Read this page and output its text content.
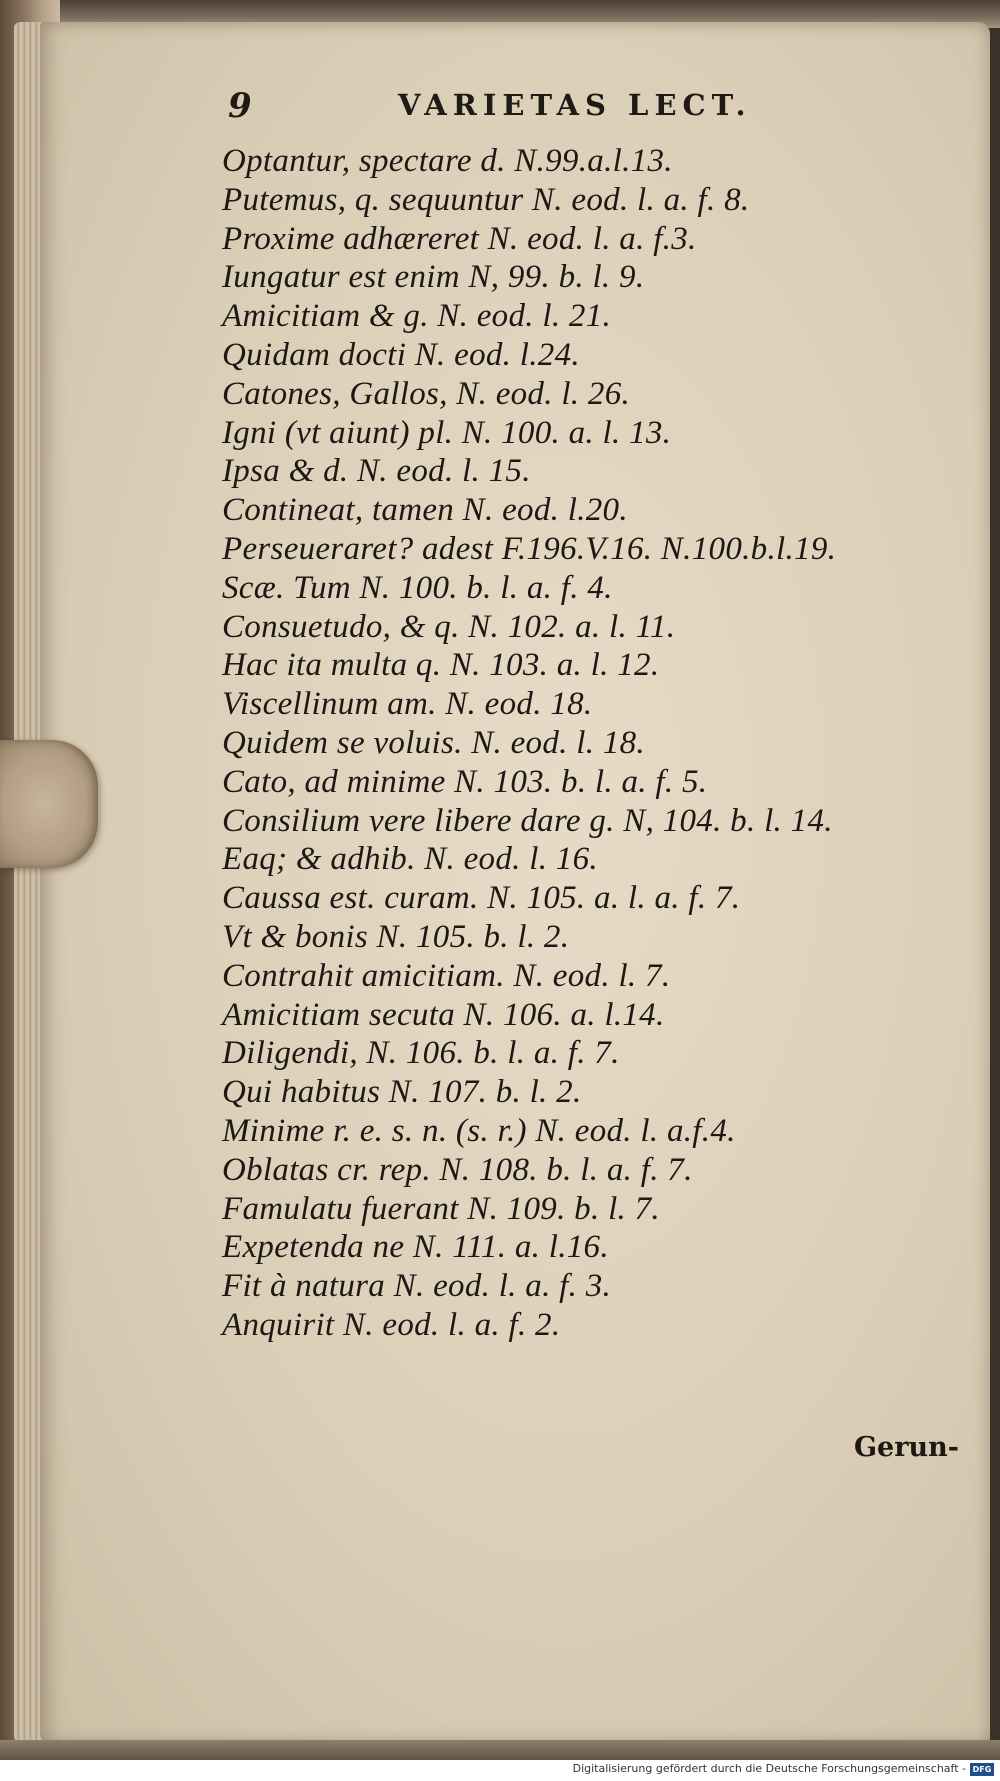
9	VARIETAS LECT.
Optantur, spectare d. N.99.a.l.13.
Putemus, q. sequuntur N. eod. l. a. f. 8.
Proxime adhæreret N. eod. l. a. f.3.
Iungatur est enim N, 99. b. l. 9.
Amicitiam & g. N. eod. l. 21.
Quidam docti N. eod. l.24.
Catones, Gallos, N. eod. l. 26.
Igni (vt aiunt) pl. N. 100. a. l. 13.
Ipsa & d. N. eod. l. 15.
Contineat, tamen N. eod. l.20.
Perseueraret? adest F.196.V.16. N.100.b.l.19.
Scæ. Tum N. 100. b. l. a. f. 4.
Consuetudo, & q. N. 102. a. l. 11.
Hac ita multa q. N. 103. a. l. 12.
Viscellinum am. N. eod. 18.
Quidem se voluis. N. eod. l. 18.
Cato, ad minime N. 103. b. l. a. f. 5.
Consilium vere libere dare g. N, 104. b. l. 14.
Eaq; & adhib. N. eod. l. 16.
Caussa est. curam. N. 105. a. l. a. f. 7.
Vt & bonis N. 105. b. l. 2.
Contrahit amicitiam. N. eod. l. 7.
Amicitiam secuta N. 106. a. l.14.
Diligendi, N. 106. b. l. a. f. 7.
Qui habitus N. 107. b. l. 2.
Minime r. e. s. n. (s. r.) N. eod. l. a.f.4.
Oblatas cr. rep. N. 108. b. l. a. f. 7.
Famulatu fuerant N. 109. b. l. 7.
Expetenda ne N. 111. a. l.16.
Fit à natura N. eod. l. a. f. 3.
Anquirit N. eod. l. a. f. 2.
Gerun-
Digitalisierung gefördert durch die Deutsche Forschungsgemeinschaft - DFG
